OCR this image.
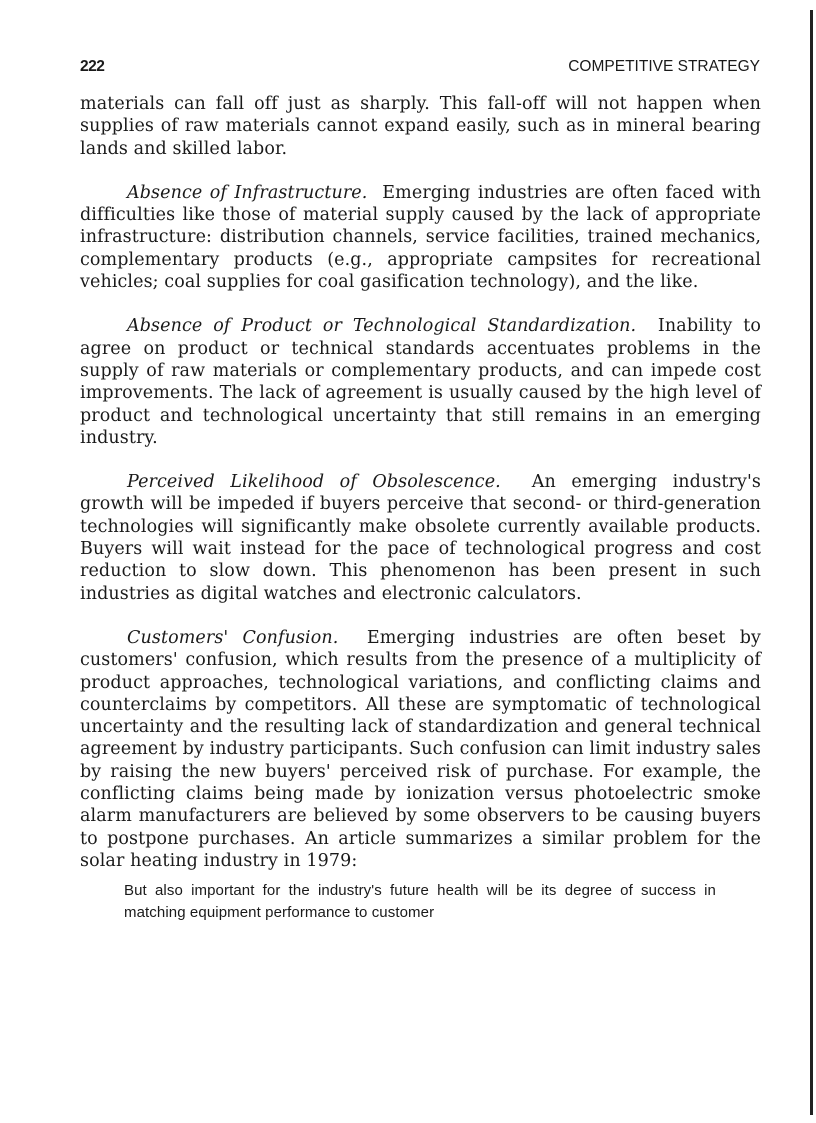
222	COMPETITIVE STRATEGY

materials can fall off just as sharply. This fall-off will not happen when supplies of raw materials cannot expand easily, such as in mineral bearing lands and skilled labor.

Absence of Infrastructure. Emerging industries are often faced with difficulties like those of material supply caused by the lack of appropriate infrastructure: distribution channels, service facilities, trained mechanics, complementary products (e.g., appropriate campsites for recreational vehicles; coal supplies for coal gasification technology), and the like.

Absence of Product or Technological Standardization. Inability to agree on product or technical standards accentuates problems in the supply of raw materials or complementary products, and can impede cost improvements. The lack of agreement is usually caused by the high level of product and technological uncertainty that still remains in an emerging industry.

Perceived Likelihood of Obsolescence. An emerging industry's growth will be impeded if buyers perceive that second- or third-generation technologies will significantly make obsolete currently available products. Buyers will wait instead for the pace of technological progress and cost reduction to slow down. This phenomenon has been present in such industries as digital watches and electronic calculators.

Customers' Confusion. Emerging industries are often beset by customers' confusion, which results from the presence of a multiplicity of product approaches, technological variations, and conflicting claims and counterclaims by competitors. All these are symptomatic of technological uncertainty and the resulting lack of standardization and general technical agreement by industry participants. Such confusion can limit industry sales by raising the new buyers' perceived risk of purchase. For example, the conflicting claims being made by ionization versus photoelectric smoke alarm manufacturers are believed by some observers to be causing buyers to postpone purchases. An article summarizes a similar problem for the solar heating industry in 1979:

But also important for the industry's future health will be its degree of success in matching equipment performance to customer
